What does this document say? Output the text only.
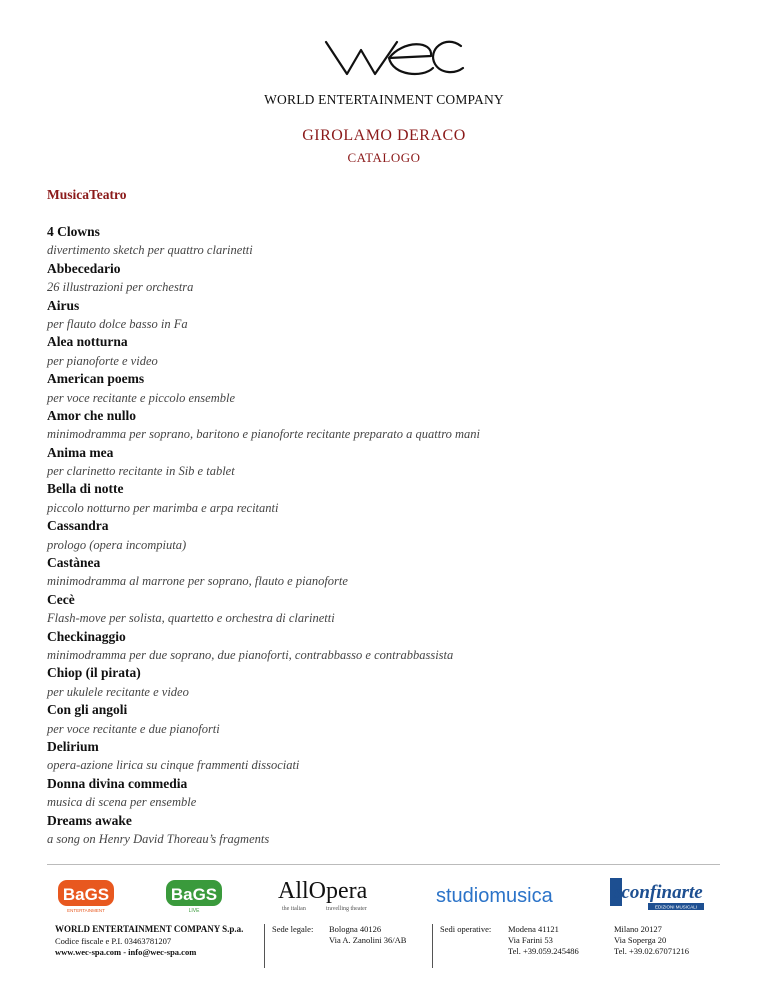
WORLD ENTERTAINMENT COMPANY
GIROLAMO DERACO
CATALOGO
MusicaTeatro
4 Clowns
divertimento sketch per quattro clarinetti
Abbecedario
26 illustrazioni per orchestra
Airus
per flauto dolce basso in Fa
Alea notturna
per pianoforte e video
American poems
per voce recitante e piccolo ensemble
Amor che nullo
minimodramma per soprano, baritono e pianoforte recitante preparato a quattro mani
Anima mea
per clarinetto recitante in Sib e tablet
Bella di notte
piccolo notturno per marimba e arpa recitanti
Cassandra
prologo (opera incompiuta)
Castànea
minimodramma al marrone per soprano, flauto e pianoforte
Cecè
Flash-move per solista, quartetto e orchestra di clarinetti
Checkinaggio
minimodramma per due soprano, due pianoforti, contrabbasso e contrabbassista
Chiop (il pirata)
per ukulele recitante e video
Con gli angoli
per voce recitante e due pianoforti
Delirium
opera-azione lirica su cinque frammenti dissociati
Donna divina commedia
musica di scena per ensemble
Dreams awake
a song on Henry David Thoreau’s fragments
BaGS
ENTERTAINMENT
BaGS
LIVE
AllOpera
the italian	travelling theater
studiomusica	sconfinarte
EDIZIONI MUSICALI
WORLD ENTERTAINMENT COMPANY S.p.a.
Codice fiscale e P.I. 03463781207
www.wec-spa.com - info@wec-spa.com
Sede legale: Bologna 40126
Via A. Zanolini 36/AB
Sedi operative: Modena 41121
Via Farini 53
Tel. +39.059.245486
Milano 20127
Via Soperga 20
Tel. +39.02.67071216
